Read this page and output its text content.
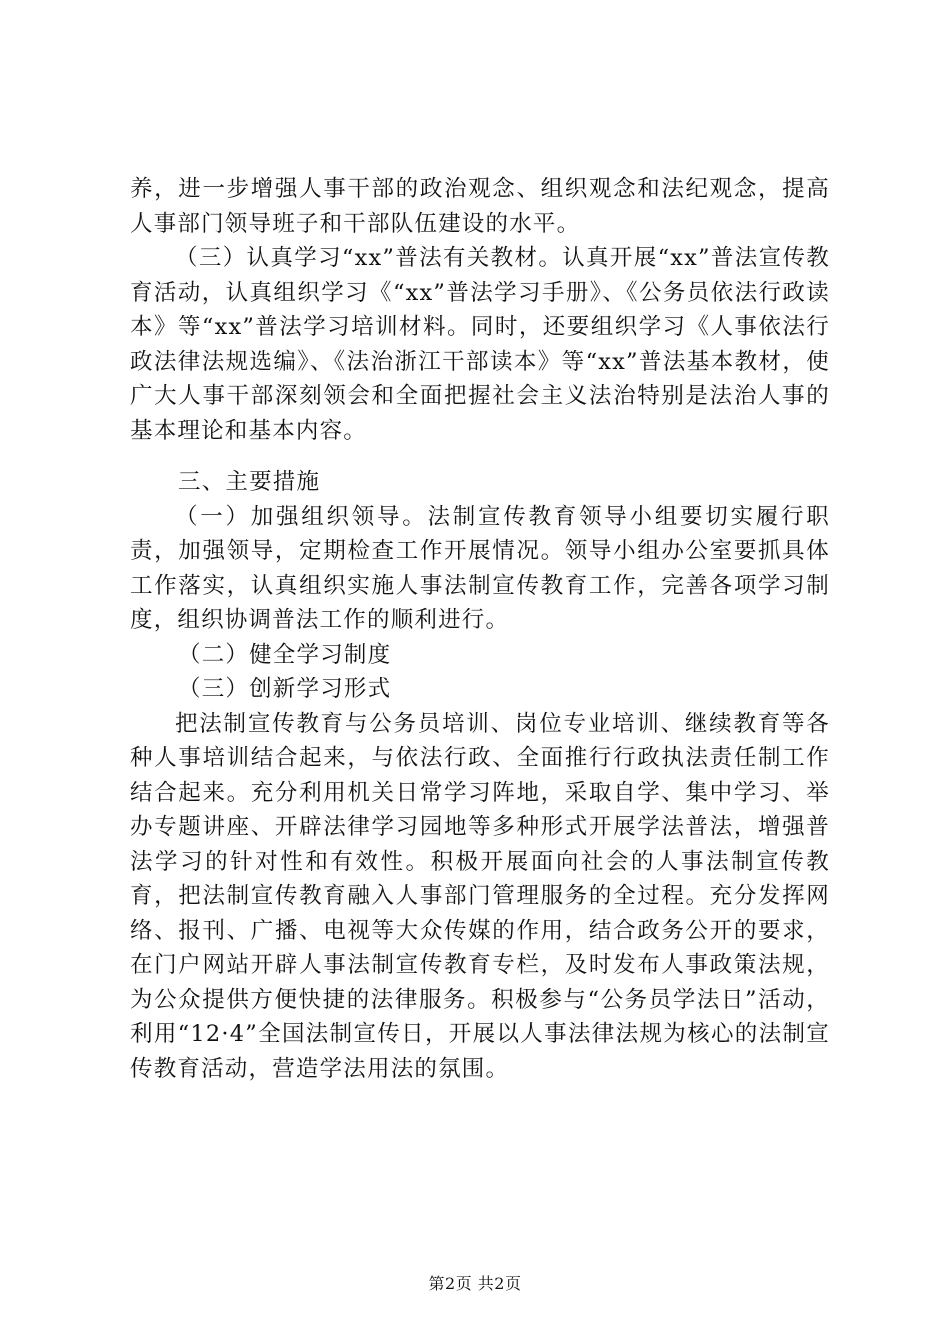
养，进一步增强人事干部的政治观念、组织观念和法纪观念，提高人事部门领导班子和干部队伍建设的水平。

（三）认真学习“xx”普法有关教材。认真开展“xx”普法宣传教育活动，认真组织学习《“xx”普法学习手册》、《公务员依法行政读本》等“xx”普法学习培训材料。同时，还要组织学习《人事依法行政法律法规选编》、《法治浙江干部读本》等“xx”普法基本教材，使广大人事干部深刻领会和全面把握社会主义法治特别是法治人事的基本理论和基本内容。

三、主要措施

（一）加强组织领导。法制宣传教育领导小组要切实履行职责，加强领导，定期检查工作开展情况。领导小组办公室要抓具体工作落实，认真组织实施人事法制宣传教育工作，完善各项学习制度，组织协调普法工作的顺利进行。

（二）健全学习制度

（三）创新学习形式

把法制宣传教育与公务员培训、岗位专业培训、继续教育等各种人事培训结合起来，与依法行政、全面推行行政执法责任制工作结合起来。充分利用机关日常学习阵地，采取自学、集中学习、举办专题讲座、开辟法律学习园地等多种形式开展学法普法，增强普法学习的针对性和有效性。积极开展面向社会的人事法制宣传教育，把法制宣传教育融入人事部门管理服务的全过程。充分发挥网络、报刊、广播、电视等大众传媒的作用，结合政务公开的要求，在门户网站开辟人事法制宣传教育专栏，及时发布人事政策法规，为公众提供方便快捷的法律服务。积极参与“公务员学法日”活动，利用“12·4”全国法制宣传日，开展以人事法律法规为核心的法制宣传教育活动，营造学法用法的氛围。

第2页 共2页
